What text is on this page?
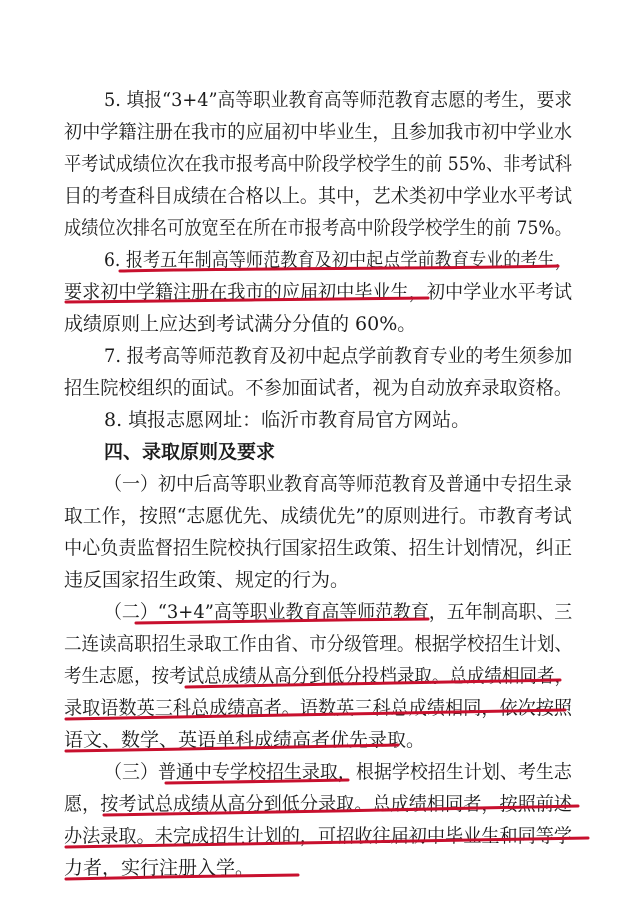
5. 填报“3+4”高等职业教育高等师范教育志愿的考生，要求
初中学籍注册在我市的应届初中毕业生，且参加我市初中学业水
平考试成绩位次在我市报考高中阶段学校学生的前 55%、非考试科
目的考查科目成绩在合格以上。其中，艺术类初中学业水平考试
成绩位次排名可放宽至在所在市报考高中阶段学校学生的前 75%。
6. 报考五年制高等师范教育及初中起点学前教育专业的考生，
要求初中学籍注册在我市的应届初中毕业生，初中学业水平考试
成绩原则上应达到考试满分分值的 60%。
7. 报考高等师范教育及初中起点学前教育专业的考生须参加
招生院校组织的面试。不参加面试者，视为自动放弃录取资格。
8. 填报志愿网址：临沂市教育局官方网站。
四、录取原则及要求
（一）初中后高等职业教育高等师范教育及普通中专招生录
取工作，按照“志愿优先、成绩优先”的原则进行。市教育考试
中心负责监督招生院校执行国家招生政策、招生计划情况，纠正
违反国家招生政策、规定的行为。
（二）“3+4”高等职业教育高等师范教育，五年制高职、三
二连读高职招生录取工作由省、市分级管理。根据学校招生计划、
考生志愿，按考试总成绩从高分到低分投档录取。总成绩相同者，
录取语数英三科总成绩高者。语数英三科总成绩相同，依次按照
语文、数学、英语单科成绩高者优先录取。
（三）普通中专学校招生录取，根据学校招生计划、考生志
愿，按考试总成绩从高分到低分录取。总成绩相同者，按照前述
办法录取。未完成招生计划的，可招收往届初中毕业生和同等学
力者，实行注册入学。
